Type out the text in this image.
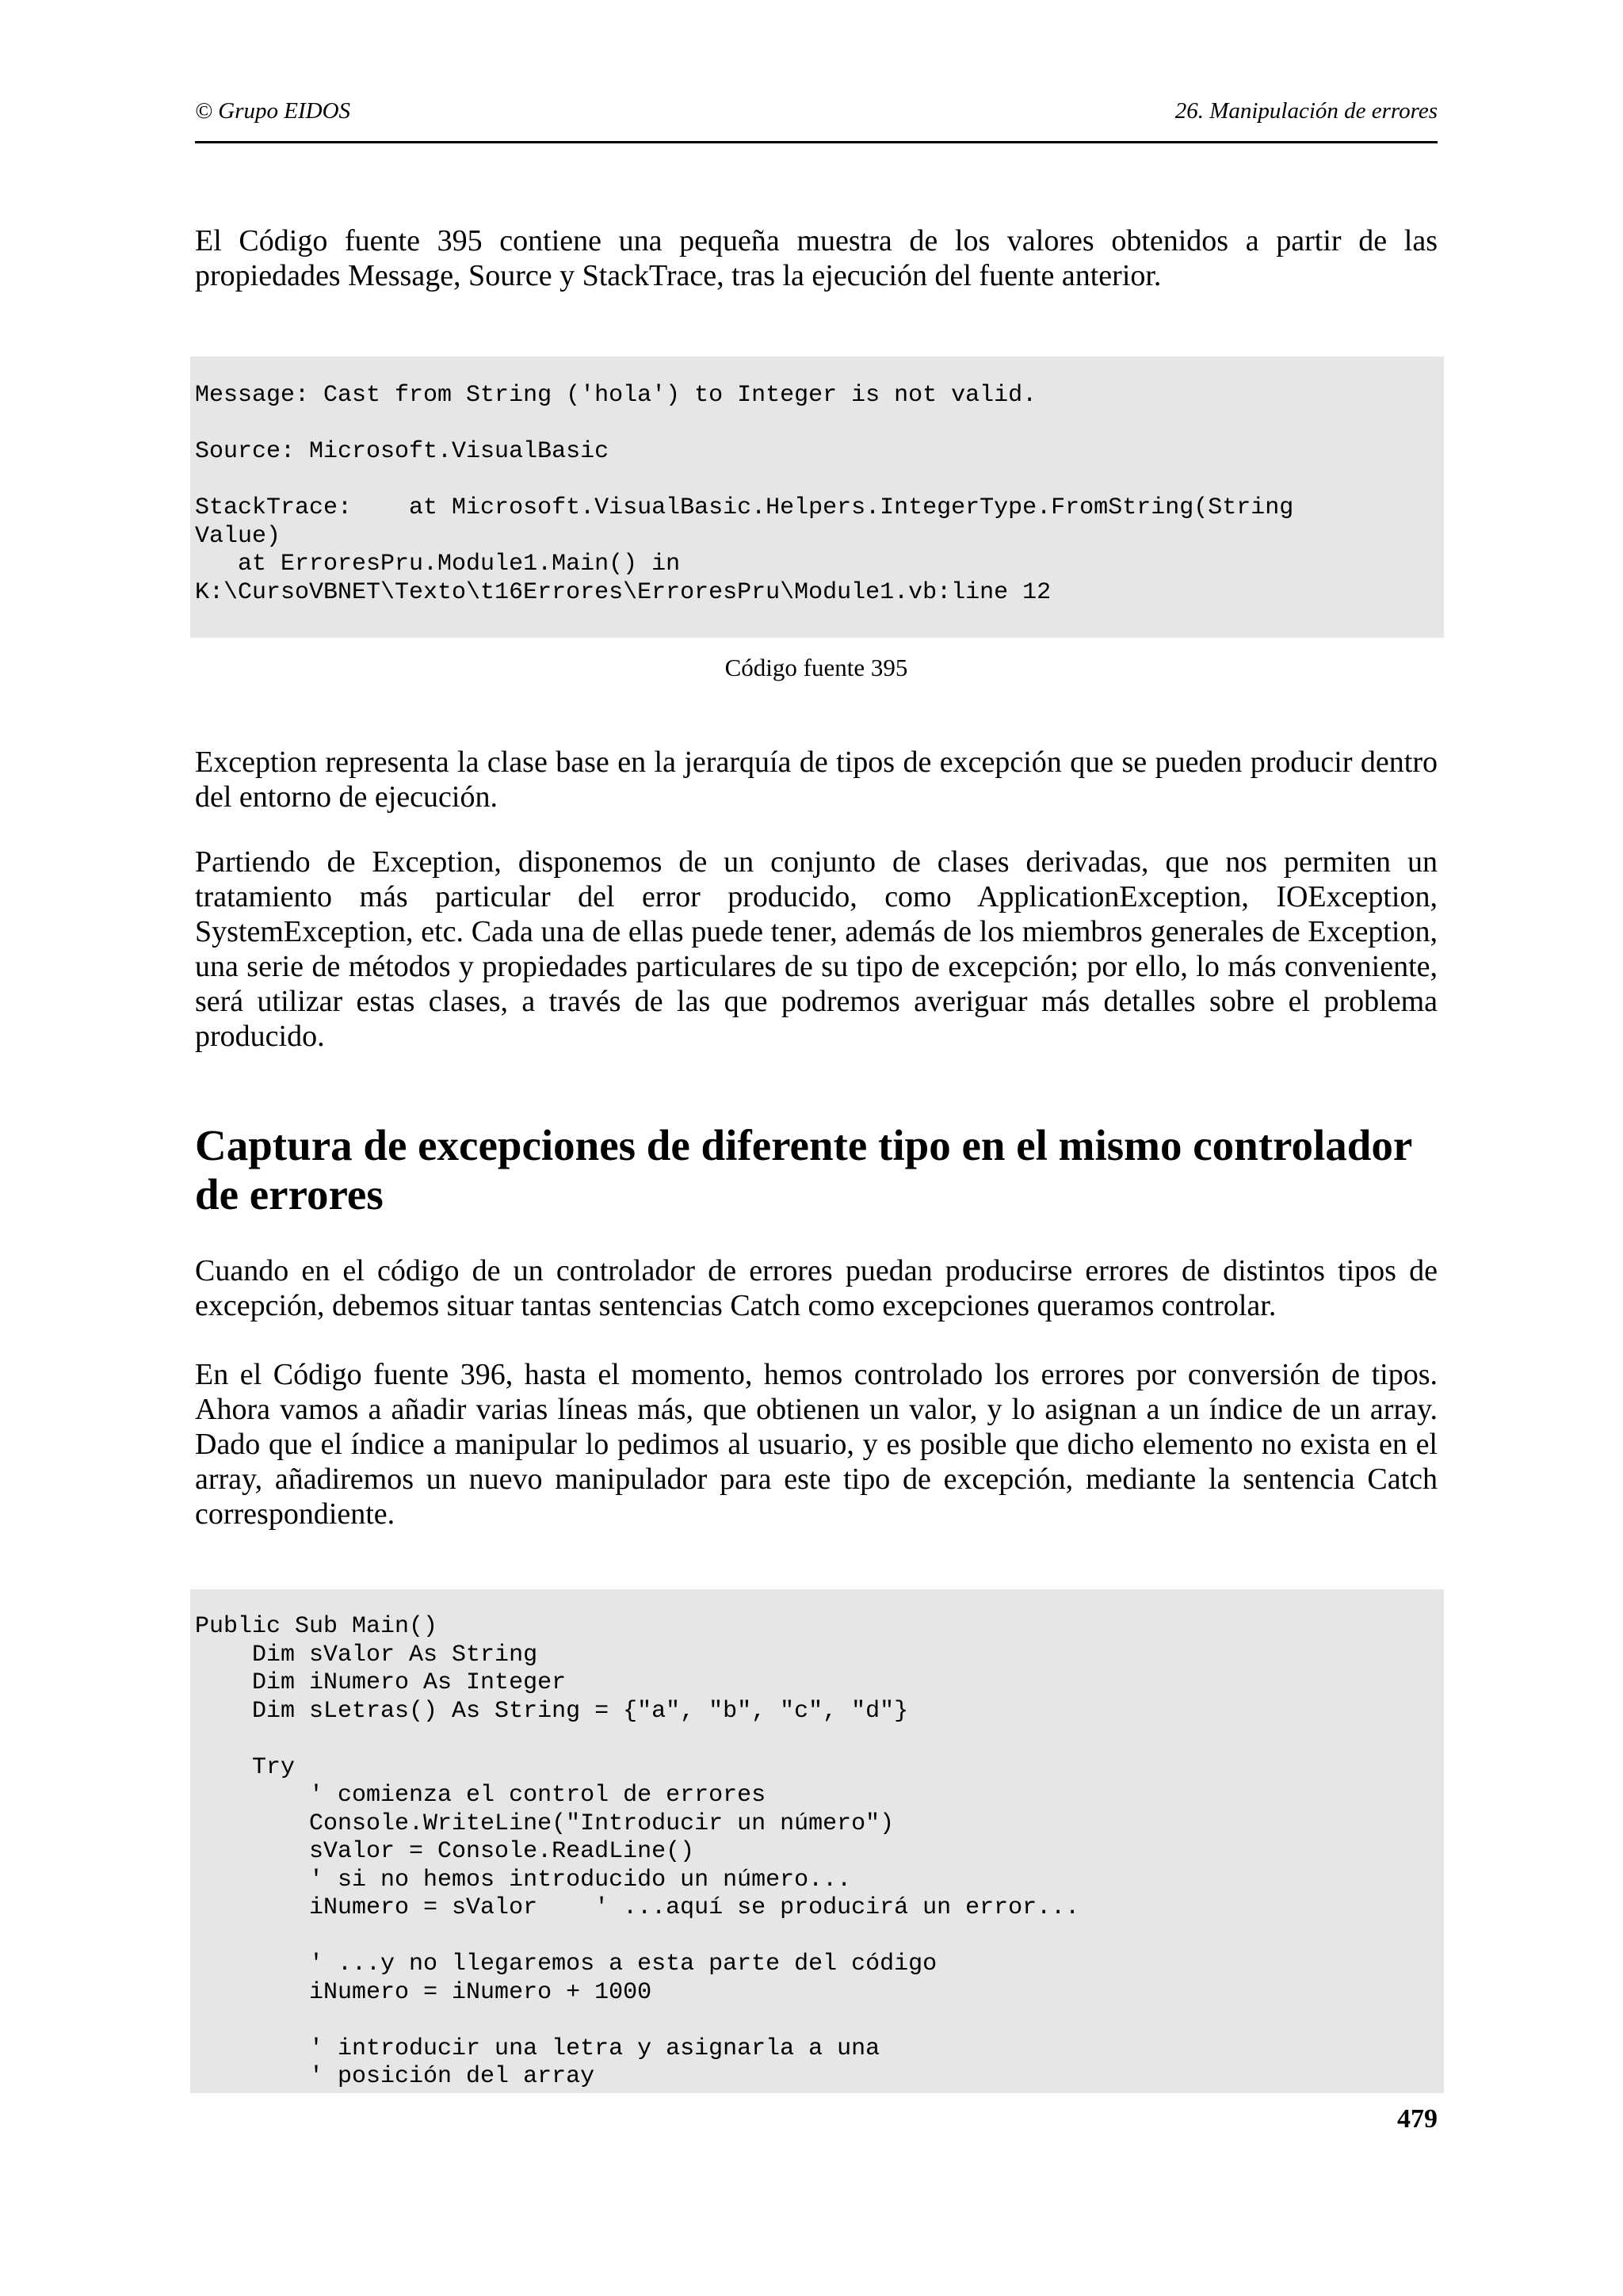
© Grupo EIDOS	26. Manipulación de errores

El Código fuente 395 contiene una pequeña muestra de los valores obtenidos a partir de las propiedades Message, Source y StackTrace, tras la ejecución del fuente anterior.

Message: Cast from String ('hola') to Integer is not valid.

Source: Microsoft.VisualBasic

StackTrace:    at Microsoft.VisualBasic.Helpers.IntegerType.FromString(String
Value)
at ErroresPru.Module1.Main() in
K:\CursoVBNET\Texto\t16Errores\ErroresPru\Module1.vb:line 12
Código fuente 395

Exception representa la clase base en la jerarquía de tipos de excepción que se pueden producir dentro del entorno de ejecución.

Partiendo de Exception, disponemos de un conjunto de clases derivadas, que nos permiten un tratamiento más particular del error producido, como ApplicationException, IOException, SystemException, etc. Cada una de ellas puede tener, además de los miembros generales de Exception, una serie de métodos y propiedades particulares de su tipo de excepción; por ello, lo más conveniente, será utilizar estas clases, a través de las que podremos averiguar más detalles sobre el problema producido.

Captura de excepciones de diferente tipo en el mismo controlador de errores

Cuando en el código de un controlador de errores puedan producirse errores de distintos tipos de excepción, debemos situar tantas sentencias Catch como excepciones queramos controlar.

En el Código fuente 396, hasta el momento, hemos controlado los errores por conversión de tipos. Ahora vamos a añadir varias líneas más, que obtienen un valor, y lo asignan a un índice de un array. Dado que el índice a manipular lo pedimos al usuario, y es posible que dicho elemento no exista en el array, añadiremos un nuevo manipulador para este tipo de excepción, mediante la sentencia Catch correspondiente.

Public Sub Main()
Dim sValor As String
Dim iNumero As Integer
Dim sLetras() As String = {"a", "b", "c", "d"}

Try
' comienza el control de errores
Console.WriteLine("Introducir un número")
sValor = Console.ReadLine()
' si no hemos introducido un número...
iNumero = sValor    ' ...aquí se producirá un error...

' ...y no llegaremos a esta parte del código
iNumero = iNumero + 1000

' introducir una letra y asignarla a una
' posición del array
479
